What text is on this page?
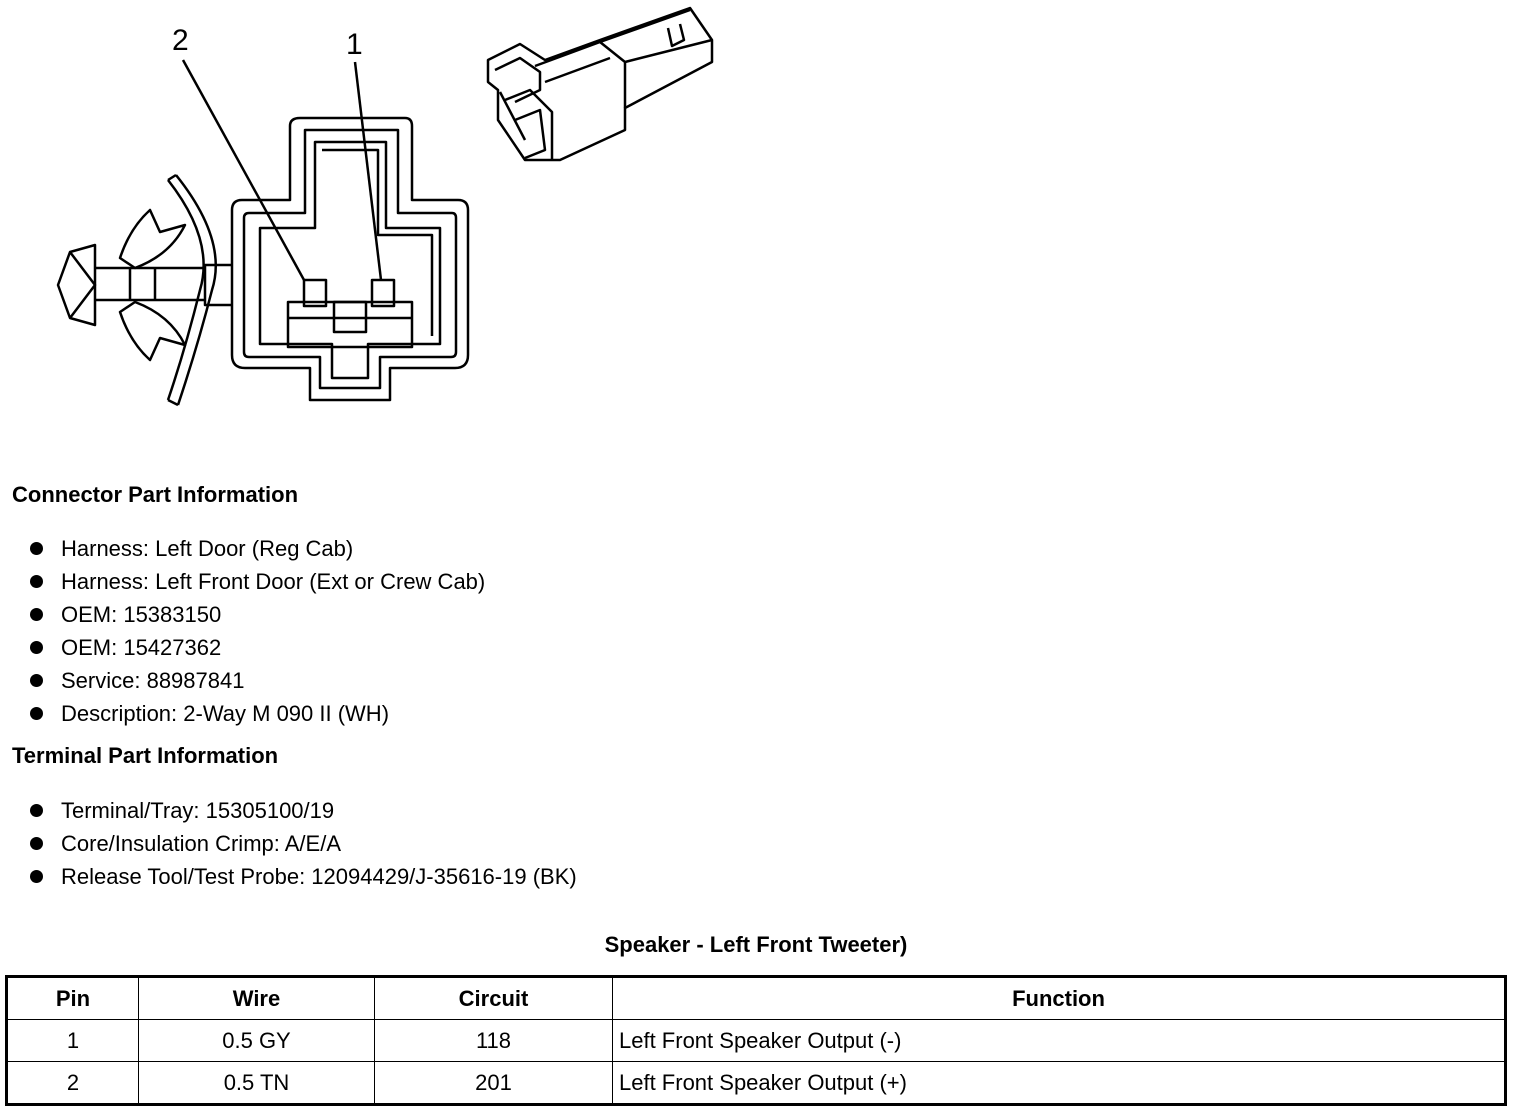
2	1
Connector Part Information
Harness: Left Door (Reg Cab)
Harness: Left Front Door (Ext or Crew Cab)
OEM: 15383150
OEM: 15427362
Service: 88987841
Description: 2-Way M 090 II (WH)
Terminal Part Information
Terminal/Tray: 15305100/19
Core/Insulation Crimp: A/E/A
Release Tool/Test Probe: 12094429/J-35616-19 (BK)
Speaker - Left Front Tweeter)
Pin	Wire	Circuit	Function
1	0.5 GY	118	Left Front Speaker Output (-)
2	0.5 TN	201	Left Front Speaker Output (+)
